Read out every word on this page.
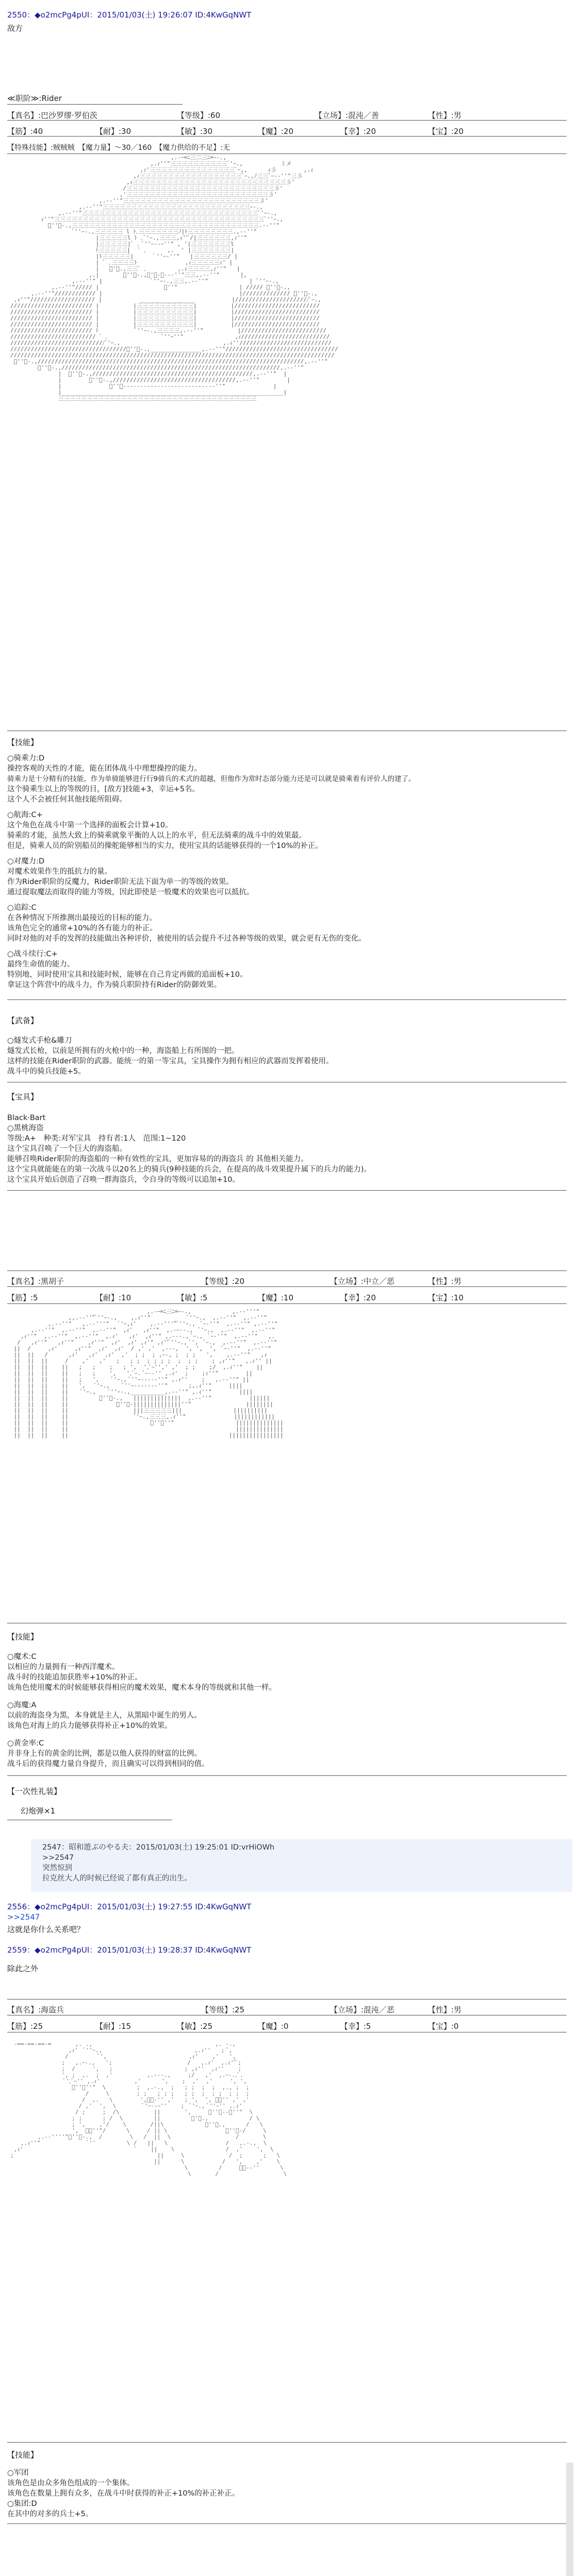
2550：◆o2mcPg4pUI：2015/01/03(土) 19:26:07 ID:4KwGqNWT
敌方
≪职阶≫:Rider
【真名】:巴沙罗缪·罗伯茨	【等级】:60	【立场】:混沌／善	【性】:男
【筋】:40	【耐】:30	【敏】:30	【魔】:20	【幸】:20	【宝】:20
【特殊技能】:贼贼贼　【魔力量】～30／160　【魔力供给的不足】:无
,.-ｰ=ﾆ三二三ﾆ=ｰ-.,
,.ｨ''"三三三三三三三三三三ﾞ'ｰ.,           ミメ
,ｨ'三三三三三三三三三三三三三三三ﾞｰ,,      ｨ彡        ,.ｨ
,ｨ三三三三三三三三三三三三三三三三三三ﾞｰ.,ﾉ三三ﾞｰ-‐''"三彡
,ｨ三三三三三三三三三三三三三三三三三三三三三三三三三三三彡'
/三三三三三三三三三三三三三三三三三三三三三三三三三三彡'
,'三三三三三三三三三三三三三三三三三三三三三三三三三彡'
,.-‐''"三三三三三三三三三三三三三三三三三三三三三三三三彡'
,.-‐''"三三三三三三三三三三三三三三三三三三三三三三三三三三ｰ-.,
,.-‐''"三三三三三三三三三三三三三三三三三三三三三三三三三三三三三三三ﾞ'ｰ-.,
ｨ''"三三三三三三三三三三三三三三三三三三三三三三三三三三三三三三三三三三三三三ﾞ''ｰ.,
ﾞ''ｰ-.,三三三三三三三三三三三三三三三三三三三三三三三三三三三三三三三三三.-‐''"
ﾞ''ｰ-.,三三三三三 l ﾄ､三三三三三三三ﾉ|ﾄ三三三三三三三三.,-‐''"
|三三三三三l ﾄ ､ﾞ'ｰ.,三三三,ｨ''ﾞ/|三三三三三三,ｨ''"
|三三三三三|ﾞ ､ ﾞ''ｰ--ｰ''" , '|三三三三三三三l
ﾄ三三三三三|  ` ､      ,.  ' |三三三三三三三|
|ﾄ三三三三三|     ｀''ｰ‐''"   |三三三三三三/ |
| ﾞ ､三三三三ﾄ              ,ｨ三三三三三ｨ' |
|   ﾞ'ｰ.,三三ﾞ ､         ,.ｨ三三三三,ｨ''"   |
,.|       ﾞ''ｰ-.,ﾞ'ｰ‐ｰ--‐''"三三,.-‐''"      |,
,.-‐''" |              ﾞ''ｰ-.,三三,.-‐''"            | ﾞ''ｰ-.,
,.-‐''"///// |                   ﾞ''"                  | ///// ﾞ''ｰ-.,
,.-‐''"//////////// |                                        |////////////// ﾞ''ｰ-.,
,ｨ''"/////////////////// |           ________________           |//////////////////////ﾞｰ.,
//////////////////////// |          |三三三三三三三三三三|          |/////////////////////////
//////////////////////// |          |三三三三三三三三三三|          |/////////////////////////
//////////////////////// |          |三三三三三三三三三三|          |/////////////////////////
//////////////////////// |          |三三三三三三三三三三|          |/////////////////////////
//////////////////////// ﾄ           ﾞ''ｰ-.,三三三三,.-‐''"          |/////////////////////////
///////////////////////// ﾞ ､                ﾞ''ｰ''"               ,ｨ//////////////////////////
////////////////////////////ﾞ'ｰ.,                              ,.ｨ''///////////////////////////
//////////////////////////////////ﾞ''ｰ-.,_______________,.-‐''"/////////////////////////////////
///////////////////////////////////////////////////////////////////////////////////////////////
ﾞ''ｰ-.,//////////////////////////////////////////////////////////////////////////////,.-‐''"
ﾞ''ｰ-.,////////////////////////////////////////////////////////////////,.-‐''"
|  ﾞ''ｰ-.,///////////////////////////////////////////////,.-‐''"  |
|        ﾞ''ｰ-.,////////////////////////////////////,.-‐''"        |
|              ﾞ''ｰ---------------------------''"              |
|_________________________________________________________________|
三三三三三三三三三三三三三三三三三三三三三三三三三三三三三三三三三三三

【技能】
○骑乘力:D
操控客观的天性的才能，能在团体战斗中理想操控的能力。
骑乘力是十分精有的技能，作为单骑能够进行行9骑兵的术式的超越，但他作为常时态部分能力还是可以就是骑乘着有评价人的建了。
这个骑乘生以上的等级的目，[敌方]技能+3，幸运+5名。
这个人不会被任何其他技能所阻碍。
○航海:C+
这个角色在战斗中第一个选择的面板会计算+10。
骑乘的才能，虽然大致上的骑乘就象平衡的人以上的水平，但无法骑乘的战斗中的效果最。
但是，骑乘人员的阶别船员的操舵能够相当的实力，使用宝具的话能够获得的一个10%的补正。
○对魔力:D
对魔术效果作生的抵抗力的量。
作为Rider职阶的反魔力，Rider职阶无法下面为单一的等级的效果。
通过提取魔法而取得的能力等级，因此即使是一般魔术的效果也可以抵抗。
○追踪:C
在各种情况下所推测出最接近的目标的能力。
该角色完全的通常+10%的各有能力的补正。
同时对他的对手的发挥的技能做出各种评价，被使用的话会提升不过各种等级的效果，就会更有无伤的变化。
○战斗续行:C+
最终生命值的能力。
特别地，同时使用宝具和技能时候，能够在自己肯定再做的追面板+10。
拿证这个阵营中的战斗力，作为骑兵职阶持有Rider的防御效果。
【武备】
○燧发式手枪&雕刀
燧发式长枪，以前是所拥有的火枪中的一种，海盗船上有所图的一把。
这样的技能在Rider职阶的武器。能统一的第一等宝具，宝具操作为拥有相应的武器而发挥着使用。
战斗中的骑兵技能+5。
【宝具】
Black·Bart
○黑桃海盗
等级:A+　种类:对军宝具　持有者:1人　范围:1~120
这个宝具召唤了一个巨大的海盗船。
能够召唤Rider职阶的海盗船的一种有效性的宝具，更加容易的的海盗兵 的 其他相关能力。
这个宝具就能能在的第一次战斗以20名上的骑兵(9种技能的兵会，在提高的战斗效果提升属下的兵力的能力)。
这个宝具开始后创造了召唤一群海盗兵，令自身的等级可以追加+10。
【真名】:黑胡子	【等级】:20	【立场】:中立／恶	【性】:男
【筋】:5	【耐】:10	【敏】:5	【魔】:10	【幸】:20	【宝】:10
,.-ｰ=ﾆ三ﾆ=ｰ-.,            ,.-‐'''"
,,.-‐''"ﾞ''ｰ-.,    ,.ｨ''"           ﾞ''ｰ.,  ,.-‐''"  ,.-‐''"
,.-‐''"   ,.-‐'''"   ﾞ'ｰ,ｨ'    ,.-‐'''"ﾞ''ｰ.,  ﾞｰ-''"  ,.-‐''" ,.-‐''"
,.-‐''"  ,.-‐''"  ,.-‐''"  ,ｨ'   ,ｨ''"  ,.-ｰ‐-.,  ﾞ'ｰ.,  ,.-‐''"  ,.-‐''"
,ｨ''"  ,.-‐''"  ,.-‐''"  ,.ｨ'   ,ｨ'  ,ｨ''" ,.-‐-., ﾞｰ.,  ﾞｰ-''"  ,.-‐''"   ,.
/   ,ｨ''"   ,ｨ''"    ,ｨ''"  ,ｨ'  ,ｨ' ,ｨ'" ,ｨ''ﾞ''ｰ., ﾞ',  ﾞｰ.,  ,.-‐''"  ,.-‐''"
||  /     ,ｨ'     ,ｨ''"  ,ｨ'  ,ｨ'  / ,' ,'  ,-‐-,  ', ',  ',  ﾞｰ-''"  ,.-‐''"
||  ||   /      ,ｨ'   ,ｨ'  ,ｨ'  ,'  ; ;  ; ,ｰ-, ;  ; ;   ',    ,.-‐''"   ,ｨ
||  ||  ||     /    ,'   ,'   ;   ; ;  ; ; ; ;  ;  ; ;    ; ,ｨ''"   ,.ｨ'' ||
||  ||  ||    ||   ;   ;    ;   ; ',  ',ﾞｰ'',' ,'  ; ;    ;/  ,.ｨ''"    ||
||  ||  ||    ||   ;   ;    ',   ',ﾞｰ. ﾞｰ-‐'' ,.ｨ'  ;    ;ｨ''"        ||
||  ||  ||    ||   ;   ',    ﾞ'ｰ., ﾞ''ｰ----‐''" ,.ｨ''    ;   ,.-‐''" ||
||  ||  ||    ||   ',   ﾞ'ｰ.,    ﾞ''ｰ------‐''"      ;,.ｨ''"     ||||
||  ||  ||    ||    ﾞ'ｰ.,    ﾞ''ｰ-.,__________,.-‐''" ,.ｨ''"        ||||
||  ||  ||    ||         ﾞ''ｰ-.,   ||||||||||||||  ,.-‐''"           ||||||
||  ||  ||    ||              ﾞ''ｰ-||||||||||||||''"                ||||||||
||  ||  ||    ||                   |||三三三三三|||               ||||||||||
||  ||  ||    ||                   ﾞ'ｰ.,三三三,.ｨ''"              ||||||||||||
||  ||  ||    ||                        ﾞ''ｰ''"                  ||||||||||||||
||  ||  ||    ||                                                 ||||||||||||||
||  ||  ||    ||                                               ||||||||||||||||

【技能】
○魔术:C
以相应的力量拥有一种西洋魔术。
战斗时的技能追加获胜率+10%的补正。
该角色使用魔术的时候能够获得相应的魔术效果，魔术本身的等级就和其他一样。
○海魔:A
以前的海盗身为黑，本身就是主人，从黑暗中诞生的男人。
该角色对海上的兵力能够获得补正+10%的效果。
○黄金率:C
并非身上有的黄金的比例，都是以他人获得的财富的比例。
战斗后的获得魔力量自身提升，而且确实可以得到相同的值。
【一次性礼装】
幻炮弹×1
2547：昭和遊ぶのやる夫：2015/01/03(土) 19:25:01 ID:vrHiOWh
>>2547
突然惊到
拉克丝大人的时候已经说了都有真正的出生。
2556：◆o2mcPg4pUI：2015/01/03(土) 19:27:55 ID:4KwGqNWT
>>2547
这就是你什么关系吧？
2559：◆o2mcPg4pUI：2015/01/03(土) 19:28:37 ID:4KwGqNWT
除此之外
【真名】:海盗兵	【等级】:25	【立场】:混沌／恶	【性】:男
【筋】:25	【耐】:15	【敏】:25	【魔】:0	【幸】:5	【宝】:0

-==-==-==-=       ,. .,                                    ,. -.,
,ｨ'  ﾞ''ｰ.,                           ,.ｨ''   ; ﾞ,
/         ﾞ',                        ,ｨ'    ,'   ',
;   ,.ｰ-.,   ';                      /   ,.ｨ'  ,.ｨ''ﾞ;
;  /     ',   ;                     ; ,ｨ''  ,ｨ''    ;
', ;  ,.  ;  ,'          ,.-‐-.,     ;/   ,'  ,.ｰ-.,ﾞ.
ﾞ',ﾞｰ'' ,.ｨ'          ,'      ',    ;  ,'  ,'     ', ',
ﾞ''ｰ''"  \         ;  ,.-.,  ;   ; ;  ;  ;  ,., ;  ;
/     \        ; ;   ; ; ;   ; ;  ;  ; ;  ; ;  ;
/  ,.   \        ',ﾞｰ-'' ,'   ; ',  ', ﾞｰ'' ,' ,'
/ ,'  ',  \        ﾞ'ｰ--ｰ''    ;  ﾞ'ｰ., ﾞ''ｰ'' ,.ｨ'
/ ;     ;  /\          ||       ',     ﾞ''ｰ--ｰ''"  \
; ;      ; /  \         ||         ﾞ'ｰ.,            / \
; ',    ,'/    \       /||\            ﾞ''ｰ.,      /   \
',  ﾞｰ''"/      \     / || \                 ﾞ''ｰ-/     \
,.-‐''''"ﾞ''ｰ-.,  /        \   /  ||  \                   /       \
,.ｨ''"              ﾞ''         \ /   ||   \                 /   ,.-.,  \
,ｨ'                                 ﾞ    ||    \               /  ,'    ',  \
;                                          ||     \             /  ;      ;   \
||      \           /   ',    ,'    \
\         /     ﾞｰ--''      \
\       /                   \

【技能】
○军团
该角色是由众多角色组成的一个集体。
该角色在数量上拥有众多，在战斗中时获得的补正+10%的补正补正。
○集团:D
在其中的对多的兵士+5。
